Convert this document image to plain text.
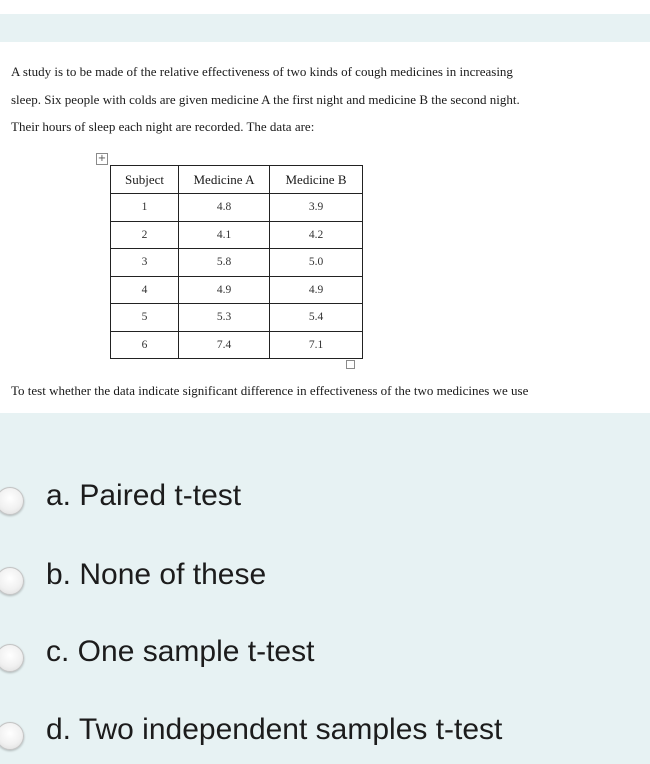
A study is to be made of the relative effectiveness of two kinds of cough medicines in increasing
sleep. Six people with colds are given medicine A the first night and medicine B the second night.
Their hours of sleep each night are recorded. The data are:
+
Subject	Medicine A	Medicine B
1	4.8	3.9
2	4.1	4.2
3	5.8	5.0
4	4.9	4.9
5	5.3	5.4
6	7.4	7.1
To test whether the data indicate significant difference in effectiveness of the two medicines we use
a. Paired t-test
b. None of these
c. One sample t-test
d. Two independent samples t-test
